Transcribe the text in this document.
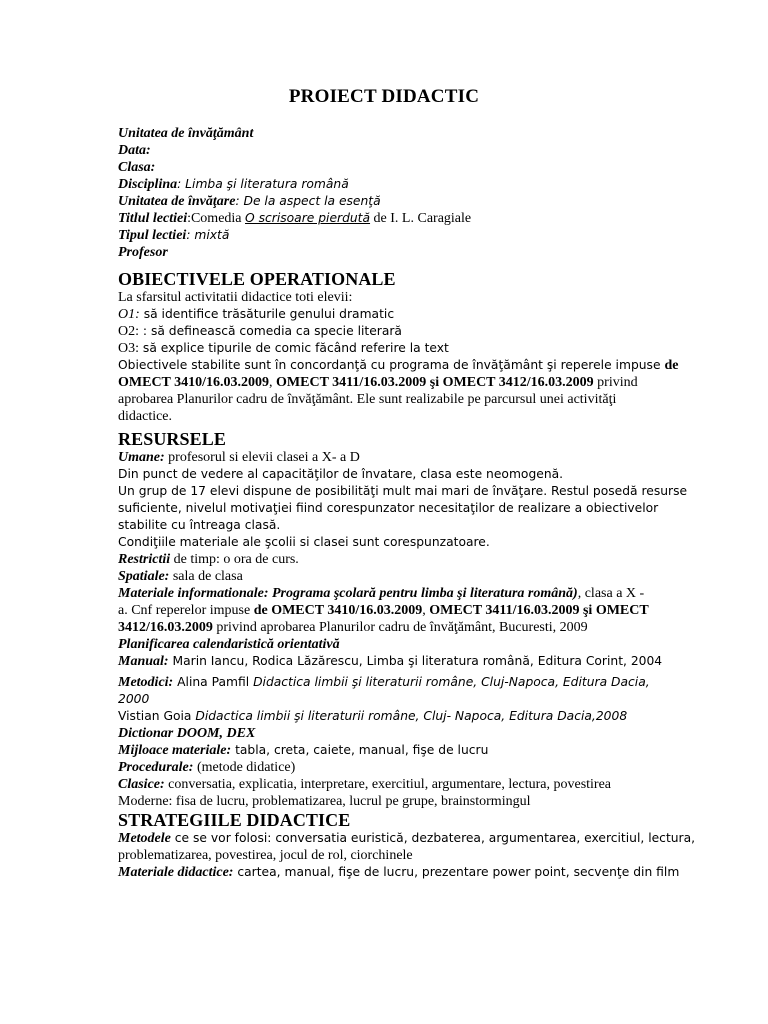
PROIECT DIDACTIC
Unitatea de învăţământ
Data:
Clasa:
Disciplina: Limba şi literatura română
Unitatea de învăţare: De la aspect la esenţă
Titlul lectiei:Comedia O scrisoare pierdută de I. L. Caragiale
Tipul lectiei: mixtă
Profesor
OBIECTIVELE OPERATIONALE
La sfarsitul activitatii didactice toti elevii:
O1: să identifice trăsăturile genului dramatic
O2: : să definească comedia ca specie literară
O3: să explice tipurile de comic făcând referire la text
Obiectivele stabilite sunt în concordanţă cu programa de învăţământ şi reperele impuse de
OMECT 3410/16.03.2009, OMECT 3411/16.03.2009 şi OMECT 3412/16.03.2009 privind
aprobarea Planurilor cadru de învăţământ. Ele sunt realizabile pe parcursul unei activităţi
didactice.
RESURSELE
Umane: profesorul si elevii clasei a X- a D
Din punct de vedere al capacităţilor de învatare, clasa este neomogenă.
Un grup de 17 elevi dispune de posibilităţi mult mai mari de învăţare. Restul posedă resurse
suficiente, nivelul motivaţiei fiind corespunzator necesitaţilor de realizare a obiectivelor
stabilite cu întreaga clasă.
Condiţiile materiale ale şcolii si clasei sunt corespunzatoare.
Restrictii de timp: o ora de curs.
Spatiale: sala de clasa
Materiale informationale: Programa şcolară pentru limba şi literatura română), clasa a X -
a. Cnf reperelor impuse de OMECT 3410/16.03.2009, OMECT 3411/16.03.2009 şi OMECT
3412/16.03.2009 privind aprobarea Planurilor cadru de învăţământ, Bucuresti, 2009
Planificarea calendaristică orientativă
Manual: Marin Iancu, Rodica Lăzărescu, Limba şi literatura română, Editura Corint, 2004
Metodici: Alina Pamfil Didactica limbii şi literaturii române, Cluj-Napoca, Editura Dacia,
2000
Vistian Goia Didactica limbii şi literaturii române, Cluj- Napoca, Editura Dacia,2008
Dictionar DOOM, DEX
Mijloace materiale: tabla, creta, caiete, manual, fişe de lucru
Procedurale: (metode didatice)
Clasice: conversatia, explicatia, interpretare, exercitiul, argumentare, lectura, povestirea
Moderne: fisa de lucru, problematizarea, lucrul pe grupe, brainstormingul
STRATEGIILE DIDACTICE
Metodele ce se vor folosi: conversatia euristică, dezbaterea, argumentarea, exercitiul, lectura,
problematizarea, povestirea, jocul de rol, ciorchinele
Materiale didactice: cartea, manual, fişe de lucru, prezentare power point, secvenţe din film
